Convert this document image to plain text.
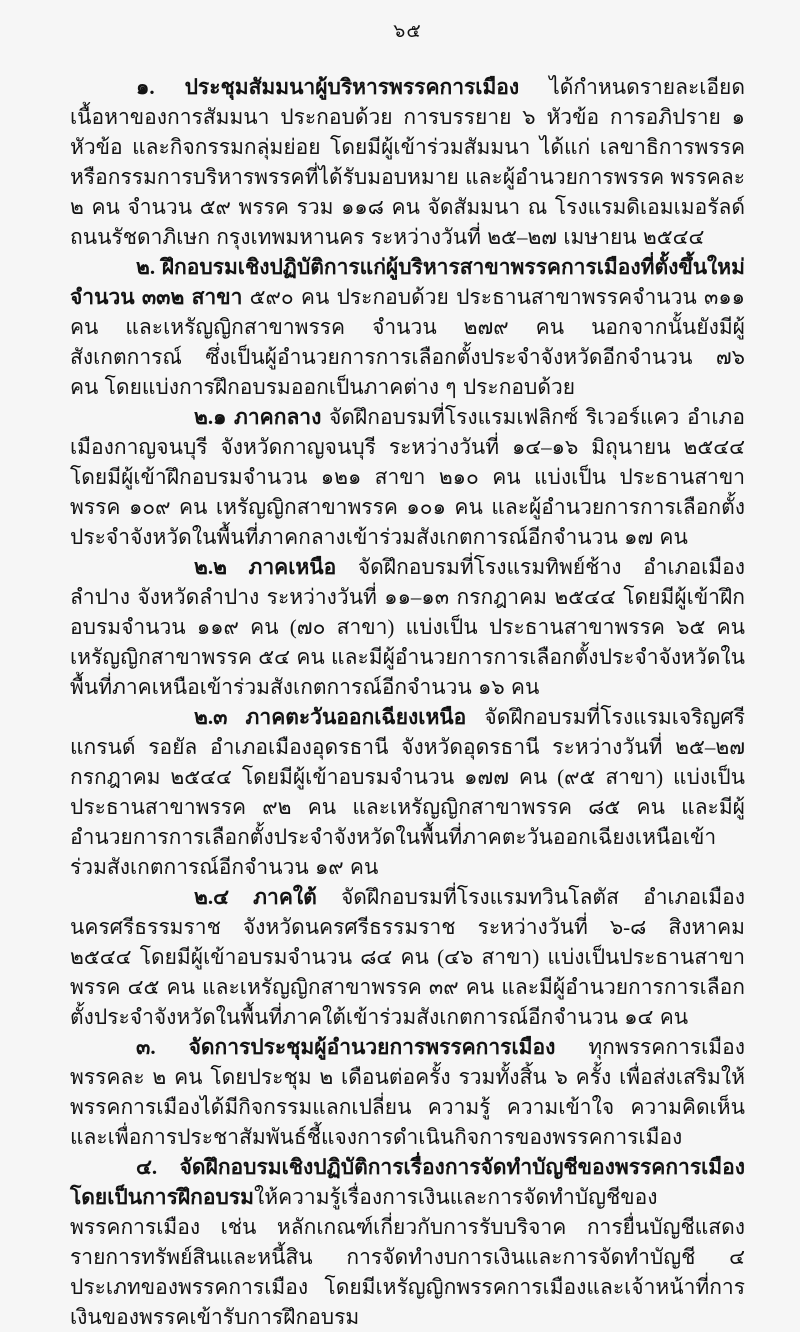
๖๕

๑. ประชุมสัมมนาผู้บริหารพรรคการเมือง ได้กำหนดรายละเอียดเนื้อหาของการสัมมนา ประกอบด้วย การบรรยาย ๖ หัวข้อ การอภิปราย ๑ หัวข้อ และกิจกรรมกลุ่มย่อย โดยมีผู้เข้าร่วมสัมมนา ได้แก่ เลขาธิการพรรคหรือกรรมการบริหารพรรคที่ได้รับมอบหมาย และผู้อำนวยการพรรค พรรคละ ๒ คน จำนวน ๕๙ พรรค รวม ๑๑๘ คน จัดสัมมนา ณ โรงแรมดิเอมเมอรัลด์ ถนนรัชดาภิเษก กรุงเทพมหานคร ระหว่างวันที่ ๒๕–๒๗ เมษายน ๒๕๔๔

๒. ฝึกอบรมเชิงปฏิบัติการแก่ผู้บริหารสาขาพรรคการเมืองที่ตั้งขึ้นใหม่จำนวน ๓๓๒ สาขา ๕๙๐ คน ประกอบด้วย ประธานสาขาพรรคจำนวน ๓๑๑ คน และเหรัญญิกสาขาพรรค จำนวน ๒๗๙ คน นอกจากนั้นยังมีผู้สังเกตการณ์ ซึ่งเป็นผู้อำนวยการการเลือกตั้งประจำจังหวัดอีกจำนวน ๗๖ คน โดยแบ่งการฝึกอบรมออกเป็นภาคต่าง ๆ ประกอบด้วย

๒.๑ ภาคกลาง จัดฝึกอบรมที่โรงแรมเฟลิกซ์ ริเวอร์แคว อำเภอเมืองกาญจนบุรี จังหวัดกาญจนบุรี ระหว่างวันที่ ๑๔–๑๖ มิถุนายน ๒๕๔๔ โดยมีผู้เข้าฝึกอบรมจำนวน ๑๒๑ สาขา ๒๑๐ คน แบ่งเป็น ประธานสาขาพรรค ๑๐๙ คน เหรัญญิกสาขาพรรค ๑๐๑ คน และผู้อำนวยการการเลือกตั้งประจำจังหวัดในพื้นที่ภาคกลางเข้าร่วมสังเกตการณ์อีกจำนวน ๑๗ คน

๒.๒ ภาคเหนือ จัดฝึกอบรมที่โรงแรมทิพย์ช้าง อำเภอเมืองลำปาง จังหวัดลำปาง ระหว่างวันที่ ๑๑–๑๓ กรกฎาคม ๒๕๔๔ โดยมีผู้เข้าฝึกอบรมจำนวน ๑๑๙ คน (๗๐ สาขา) แบ่งเป็น ประธานสาขาพรรค ๖๕ คน เหรัญญิกสาขาพรรค ๕๔ คน และมีผู้อำนวยการการเลือกตั้งประจำจังหวัดในพื้นที่ภาคเหนือเข้าร่วมสังเกตการณ์อีกจำนวน ๑๖ คน

๒.๓ ภาคตะวันออกเฉียงเหนือ จัดฝึกอบรมที่โรงแรมเจริญศรี แกรนด์ รอยัล อำเภอเมืองอุดรธานี จังหวัดอุดรธานี ระหว่างวันที่ ๒๕–๒๗ กรกฎาคม ๒๕๔๔ โดยมีผู้เข้าอบรมจำนวน ๑๗๗ คน (๙๕ สาขา) แบ่งเป็นประธานสาขาพรรค ๙๒ คน และเหรัญญิกสาขาพรรค ๘๕ คน และมีผู้อำนวยการการเลือกตั้งประจำจังหวัดในพื้นที่ภาคตะวันออกเฉียงเหนือเข้าร่วมสังเกตการณ์อีกจำนวน ๑๙ คน

๒.๔ ภาคใต้ จัดฝึกอบรมที่โรงแรมทวินโลตัส อำเภอเมืองนครศรีธรรมราช จังหวัดนครศรีธรรมราช ระหว่างวันที่ ๖-๘ สิงหาคม ๒๕๔๔ โดยมีผู้เข้าอบรมจำนวน ๘๔ คน (๔๖ สาขา) แบ่งเป็นประธานสาขาพรรค ๔๕ คน และเหรัญญิกสาขาพรรค ๓๙ คน และมีผู้อำนวยการการเลือกตั้งประจำจังหวัดในพื้นที่ภาคใต้เข้าร่วมสังเกตการณ์อีกจำนวน ๑๔ คน

๓. จัดการประชุมผู้อำนวยการพรรคการเมือง ทุกพรรคการเมือง พรรคละ ๒ คน โดยประชุม ๒ เดือนต่อครั้ง รวมทั้งสิ้น ๖ ครั้ง เพื่อส่งเสริมให้พรรคการเมืองได้มีกิจกรรมแลกเปลี่ยน ความรู้ ความเข้าใจ ความคิดเห็น และเพื่อการประชาสัมพันธ์ชี้แจงการดำเนินกิจการของพรรคการเมือง

๔. จัดฝึกอบรมเชิงปฏิบัติการเรื่องการจัดทำบัญชีของพรรคการเมืองโดยเป็นการฝึกอบรมให้ความรู้เรื่องการเงินและการจัดทำบัญชีของพรรคการเมือง เช่น หลักเกณฑ์เกี่ยวกับการรับบริจาค การยื่นบัญชีแสดงรายการทรัพย์สินและหนี้สิน การจัดทำงบการเงินและการจัดทำบัญชี ๔ ประเภทของพรรคการเมือง โดยมีเหรัญญิกพรรคการเมืองและเจ้าหน้าที่การเงินของพรรคเข้ารับการฝึกอบรม
